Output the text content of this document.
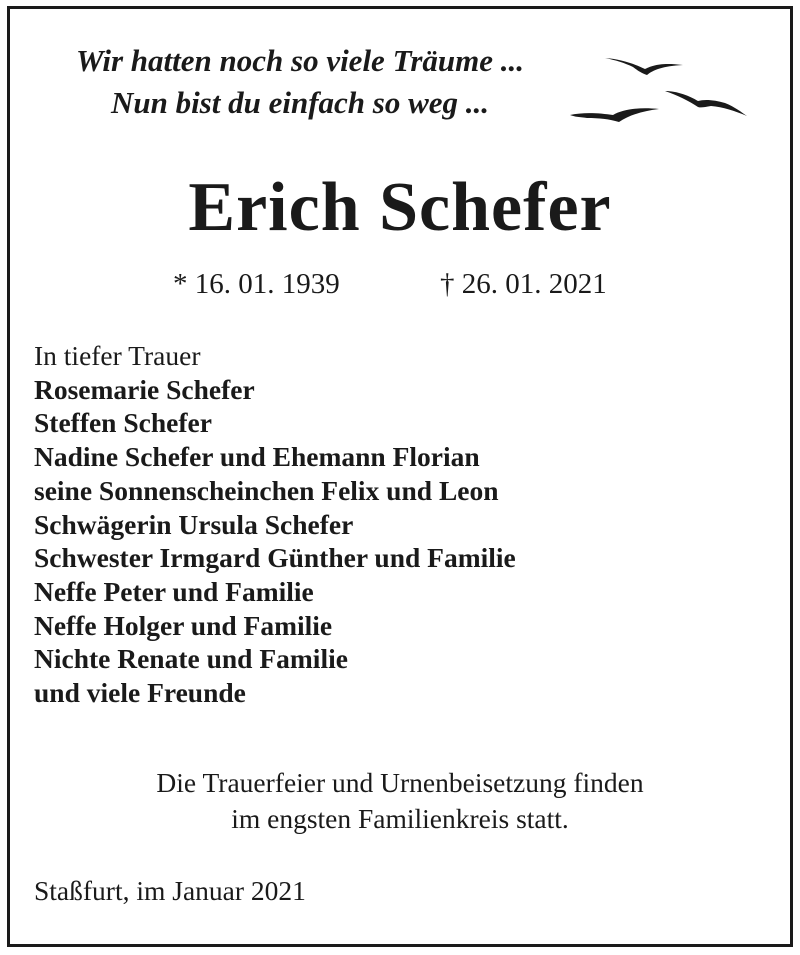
Wir hatten noch so viele Träume ...
Nun bist du einfach so weg ...
Erich Schefer
* 16. 01. 1939	† 26. 01. 2021
In tiefer Trauer
Rosemarie Schefer
Steffen Schefer
Nadine Schefer und Ehemann Florian
seine Sonnenscheinchen Felix und Leon
Schwägerin Ursula Schefer
Schwester Irmgard Günther und Familie
Neffe Peter und Familie
Neffe Holger und Familie
Nichte Renate und Familie
und viele Freunde
Die Trauerfeier und Urnenbeisetzung finden
im engsten Familienkreis statt.
Staßfurt, im Januar 2021
